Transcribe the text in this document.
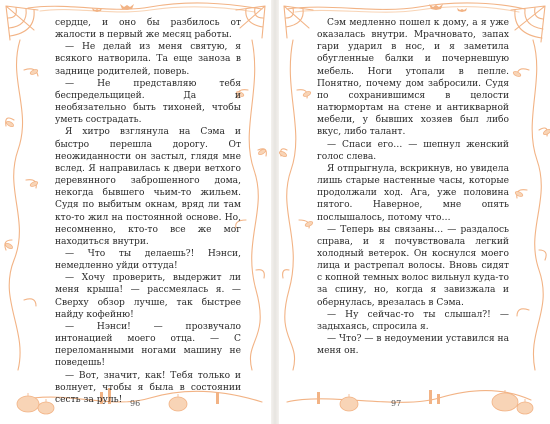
сердце, и оно бы разбилось от жалости в первый же месяц работы.

— Не делай из меня святую, я всякого натворила. Та еще заноза в заднице родителей, поверь.

— Не представляю тебя беспредельщицей. Да и необязательно быть тихоней, чтобы уметь сострадать.

Я хитро взглянула на Сэма и быстро перешла дорогу. От неожиданности он застыл, глядя мне вслед. Я направилась к двери ветхого деревянного заброшенного дома, некогда бывшего чьим-то жильем. Судя по выбитым окнам, вряд ли там кто-то жил на постоянной основе. Но, несомненно, кто-то все же мог находиться внутри.

— Что ты делаешь?! Нэнси, немедленно уйди оттуда!

— Хочу проверить, выдержит ли меня крыша! — рассмеялась я. — Сверху обзор лучше, так быстрее найду кофейню!

— Нэнси! — прозвучало интонацией моего отца. — С переломанными ногами машину не поведешь!

— Вот, значит, как! Тебя только и волнует, чтобы я была в состоянии сесть за руль! 96

Сэм медленно пошел к дому, а я уже оказалась внутри. Мрачновато, запах гари ударил в нос, и я заметила обугленные балки и почерневшую мебель. Ноги утопали в пепле. Понятно, почему дом забросили. Судя по сохранившимся в целости натюрмортам на стене и антикварной мебели, у бывших хозяев был либо вкус, либо талант.

— Спаси его… — шепнул женский голос слева.

Я отпрыгнула, вскрикнув, но увидела лишь старые настенные часы, которые продолжали ход. Ага, уже половина пятого. Наверное, мне опять послышалось, потому что…

— Теперь вы связаны… — раздалось справа, и я почувствовала легкий холодный ветерок. Он коснулся моего лица и растрепал волосы. Вновь сидят с копной темных волос вильнул куда-то за спину, но, когда я завизжала и обернулась, врезалась в Сэма.

— Ну сейчас-то ты слышал?! — задыхаясь, спросила я.

— Что? — в недоумении уставился на меня он.

97
